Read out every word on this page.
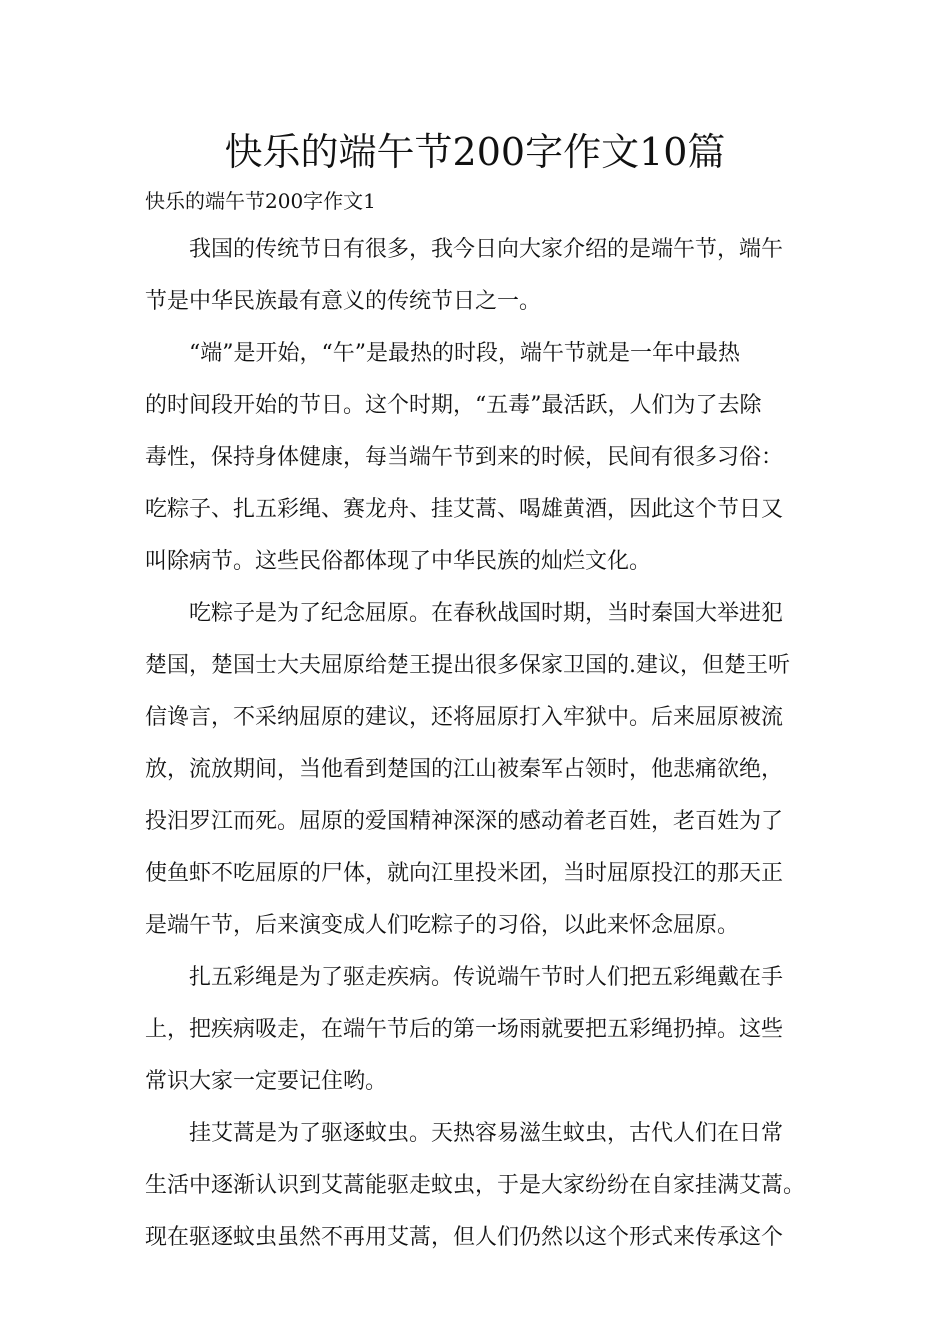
快乐的端午节200字作文10篇
快乐的端午节200字作文1
我国的传统节日有很多，我今日向大家介绍的是端午节，端午
节是中华民族最有意义的传统节日之一。
“端”是开始，“午”是最热的时段，端午节就是一年中最热
的时间段开始的节日。这个时期，“五毒”最活跃，人们为了去除
毒性，保持身体健康，每当端午节到来的时候，民间有很多习俗：
吃粽子、扎五彩绳、赛龙舟、挂艾蒿、喝雄黄酒，因此这个节日又
叫除病节。这些民俗都体现了中华民族的灿烂文化。
吃粽子是为了纪念屈原。在春秋战国时期，当时秦国大举进犯
楚国，楚国士大夫屈原给楚王提出很多保家卫国的.建议，但楚王听
信谗言，不采纳屈原的建议，还将屈原打入牢狱中。后来屈原被流
放，流放期间，当他看到楚国的江山被秦军占领时，他悲痛欲绝，
投汨罗江而死。屈原的爱国精神深深的感动着老百姓，老百姓为了
使鱼虾不吃屈原的尸体，就向江里投米团，当时屈原投江的那天正
是端午节，后来演变成人们吃粽子的习俗，以此来怀念屈原。
扎五彩绳是为了驱走疾病。传说端午节时人们把五彩绳戴在手
上，把疾病吸走，在端午节后的第一场雨就要把五彩绳扔掉。这些
常识大家一定要记住哟。
挂艾蒿是为了驱逐蚊虫。天热容易滋生蚊虫，古代人们在日常
生活中逐渐认识到艾蒿能驱走蚊虫，于是大家纷纷在自家挂满艾蒿。
现在驱逐蚊虫虽然不再用艾蒿，但人们仍然以这个形式来传承这个
